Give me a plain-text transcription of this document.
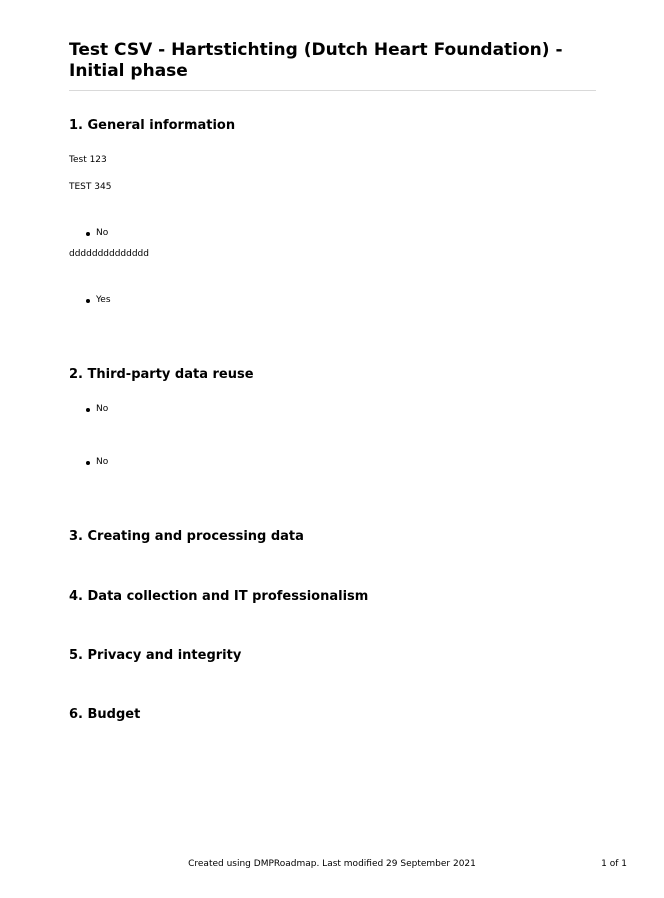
Test CSV - Hartstichting (Dutch Heart Foundation) - Initial phase
1. General information
Test 123
TEST 345
No
dddddddddddddd
Yes
2. Third-party data reuse
No
No
3. Creating and processing data
4. Data collection and IT professionalism
5. Privacy and integrity
6. Budget
Created using DMPRoadmap. Last modified 29 September 2021	1 of 1
